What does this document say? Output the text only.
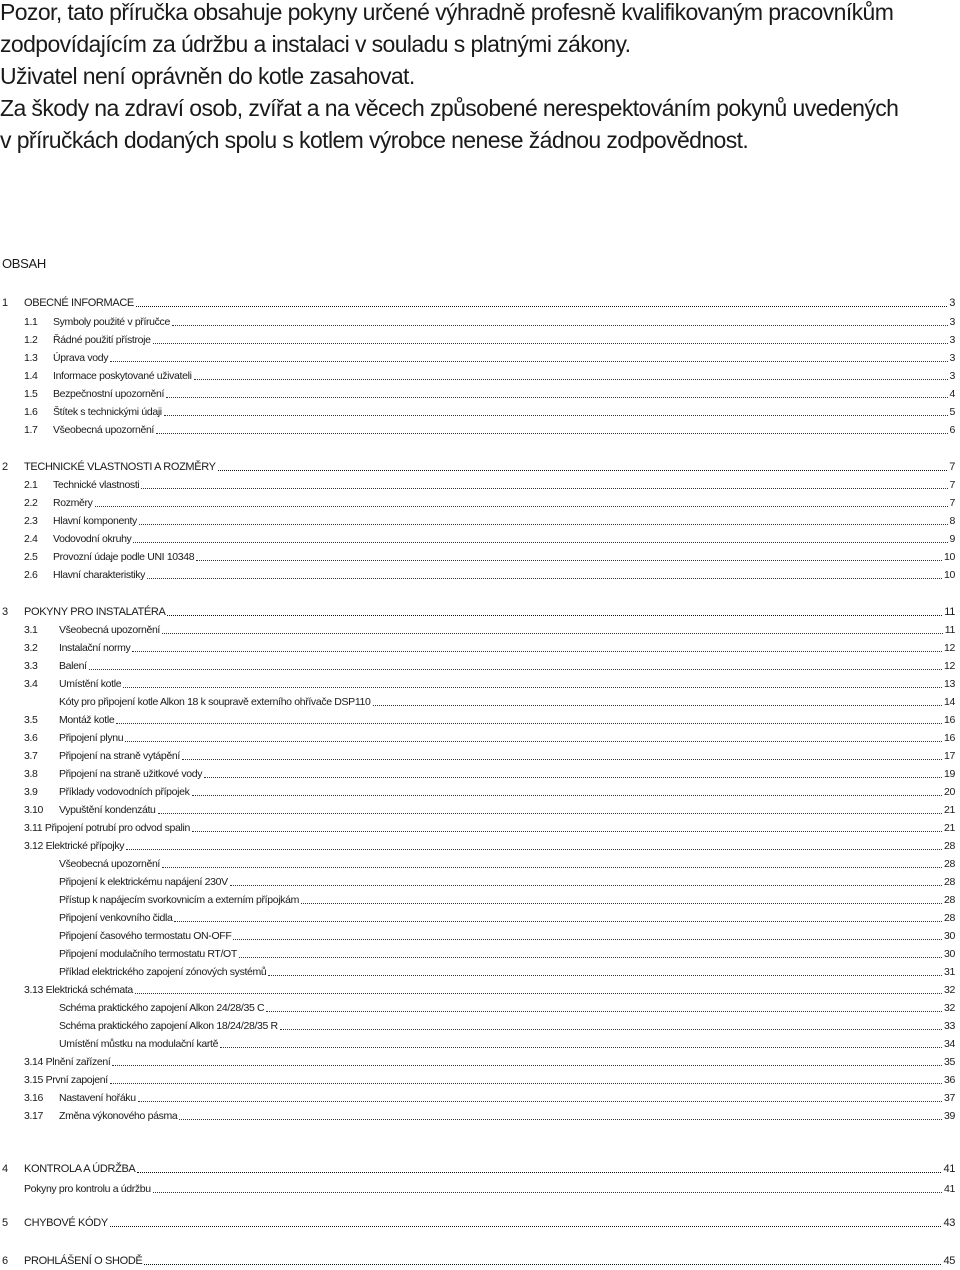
Pozor, tato příručka obsahuje pokyny určené výhradně profesně kvalifikovaným pracovníkům
zodpovídajícím za údržbu a instalaci v souladu s platnými zákony.
Uživatel není oprávněn do kotle zasahovat.
Za škody na zdraví osob, zvířat a na věcech způsobené nerespektováním pokynů uvedených
v příručkách dodaných spolu s kotlem výrobce nenese žádnou zodpovědnost.
OBSAH
1 OBECNÉ INFORMACE	3
1.1 Symboly použité v příručce	3
1.2 Řádné použití přístroje	3
1.3 Úprava vody	3
1.4 Informace poskytované uživateli	3
1.5 Bezpečnostní upozornění	4
1.6 Štítek s technickými údaji	5
1.7 Všeobecná upozornění	6
2 TECHNICKÉ VLASTNOSTI A ROZMĚRY	7
2.1 Technické vlastnosti	7
2.2 Rozměry	7
2.3 Hlavní komponenty	8
2.4 Vodovodní okruhy	9
2.5 Provozní údaje podle UNI 10348	10
2.6 Hlavní charakteristiky	10
3 POKYNY PRO INSTALATÉRA	11
3.1 Všeobecná upozornění	11
3.2 Instalační normy	12
3.3 Balení	12
3.4 Umístění kotle	13
Kóty pro připojení kotle Alkon 18 k soupravě externího ohřívače DSP110	14
3.5 Montáž kotle	16
3.6 Připojení plynu	16
3.7 Připojení na straně vytápění	17
3.8 Připojení na straně užitkové vody	19
3.9 Příklady vodovodních přípojek	20
3.10 Vypuštění kondenzátu	21
3.11 Připojení potrubí pro odvod spalin	21
3.12 Elektrické přípojky	28
Všeobecná upozornění	28
Připojení k elektrickému napájení 230V	28
Přístup k napájecím svorkovnicím a externím přípojkám	28
Připojení venkovního čidla	28
Připojení časového termostatu ON-OFF	30
Připojení modulačního termostatu RT/OT	30
Příklad elektrického zapojení zónových systémů	31
3.13 Elektrická schémata	32
Schéma praktického zapojení Alkon 24/28/35 C	32
Schéma praktického zapojení Alkon 18/24/28/35 R	33
Umístění můstku na modulační kartě	34
3.14 Plnění zařízení	35
3.15 První zapojení	36
3.16 Nastavení hořáku	37
3.17 Změna výkonového pásma	39
4 KONTROLA A ÚDRŽBA	41
Pokyny pro kontrolu a údržbu	41
5 CHYBOVÉ KÓDY	43
6 PROHLÁŠENÍ O SHODĚ	45
